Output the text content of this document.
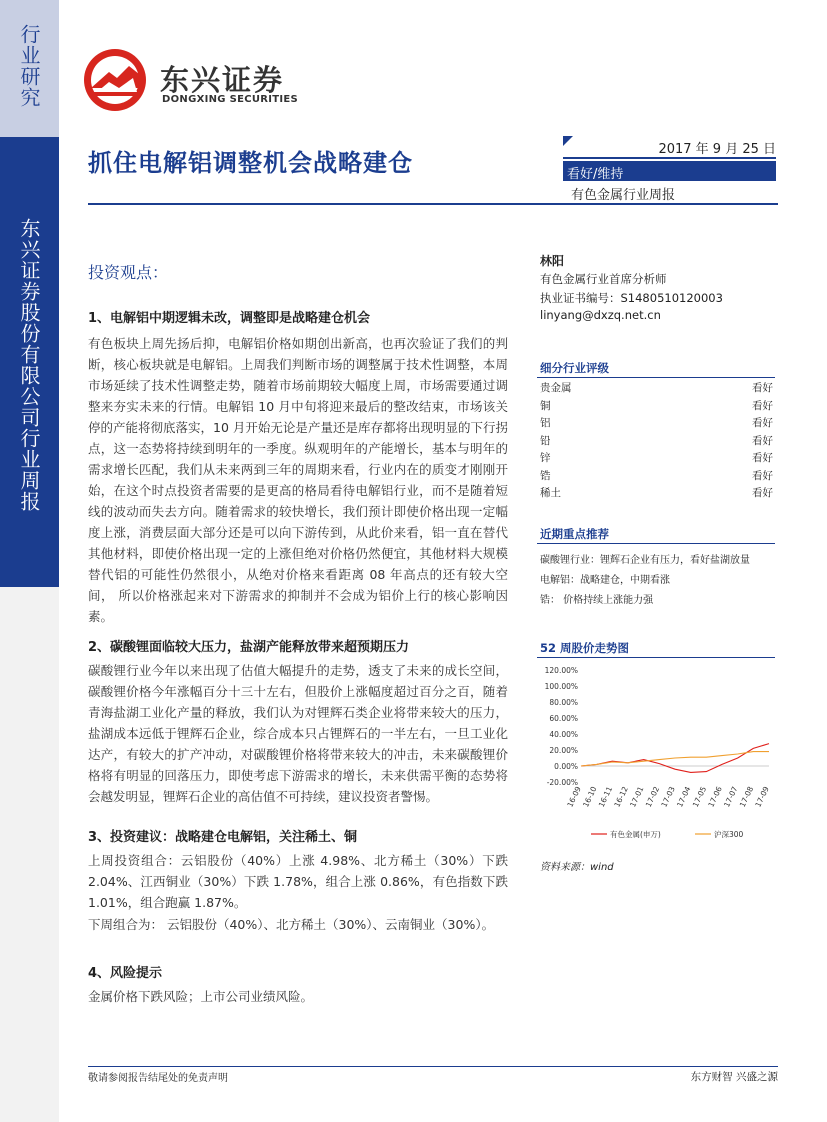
行业研究
东兴证券股份有限公司行业周报
东兴证券
DONGXING SECURITIES
抓住电解铝调整机会战略建仓	2017 年 9 月 25 日
看好/维持
有色金属行业周报
投资观点：
1、电解铝中期逻辑未改，调整即是战略建仓机会

有色板块上周先扬后抑，电解铝价格如期创出新高，也再次验证了我们的判断，核心板块就是电解铝。上周我们判断市场的调整属于技术性调整，本周市场延续了技术性调整走势，随着市场前期较大幅度上周，市场需要通过调整来夯实未来的行情。电解铝 10 月中旬将迎来最后的整改结束，市场该关停的产能将彻底落实，10 月开始无论是产量还是库存都将出现明显的下行拐点，这一态势将持续到明年的一季度。纵观明年的产能增长，基本与明年的需求增长匹配，我们从未来两到三年的周期来看，行业内在的质变才刚刚开始，在这个时点投资者需要的是更高的格局看待电解铝行业，而不是随着短线的波动而失去方向。随着需求的较快增长，我们预计即使价格出现一定幅度上涨，消费层面大部分还是可以向下游传到，从此价来看，铝一直在替代其他材料，即使价格出现一定的上涨但绝对价格仍然便宜，其他材料大规模替代铝的可能性仍然很小，从绝对价格来看距离 08 年高点的还有较大空间， 所以价格涨起来对下游需求的抑制并不会成为铝价上行的核心影响因素。

2、碳酸锂面临较大压力，盐湖产能释放带来超预期压力

碳酸锂行业今年以来出现了估值大幅提升的走势，透支了未来的成长空间，碳酸锂价格今年涨幅百分十三十左右，但股价上涨幅度超过百分之百，随着青海盐湖工业化产量的释放，我们认为对锂辉石类企业将带来较大的压力，盐湖成本远低于锂辉石企业，综合成本只占锂辉石的一半左右，一旦工业化达产，有较大的扩产冲动，对碳酸锂价格将带来较大的冲击，未来碳酸锂价格将有明显的回落压力，即使考虑下游需求的增长，未来供需平衡的态势将会越发明显，锂辉石企业的高估值不可持续，建议投资者警惕。

3、投资建议：战略建仓电解铝，关注稀土、铜

上周投资组合：云铝股份（40%）上涨 4.98%、北方稀土（30%）下跌 2.04%、江西铜业（30%）下跌 1.78%，组合上涨 0.86%，有色指数下跌 1.01%，组合跑赢 1.87%。

下周组合为： 云铝股份（40%）、北方稀土（30%）、云南铜业（30%）。

4、风险提示

金属价格下跌风险；上市公司业绩风险。

林阳
有色金属行业首席分析师
执业证书编号：S1480510120003
linyang@dxzq.net.cn
细分行业评级
贵金属	看好
铜	看好
铝	看好
铅	看好
锌	看好
锆	看好
稀土	看好
近期重点推荐
碳酸锂行业：锂辉石企业有压力，看好盐湖放量
电解铝：战略建仓，中期看涨
锆： 价格持续上涨能力强
52 周股价走势图
120.00%
100.00%
80.00%
60.00%
40.00%
20.00%
0.00%
-20.00%
16-09
16-10
16-11
16-12
17-01
17-02
17-03
17-04
17-05
17-06
17-07
17-08
17-09
有色金属(申万)	沪深300
资料来源：wind
敬请参阅报告结尾处的免责声明	东方财智 兴盛之源
